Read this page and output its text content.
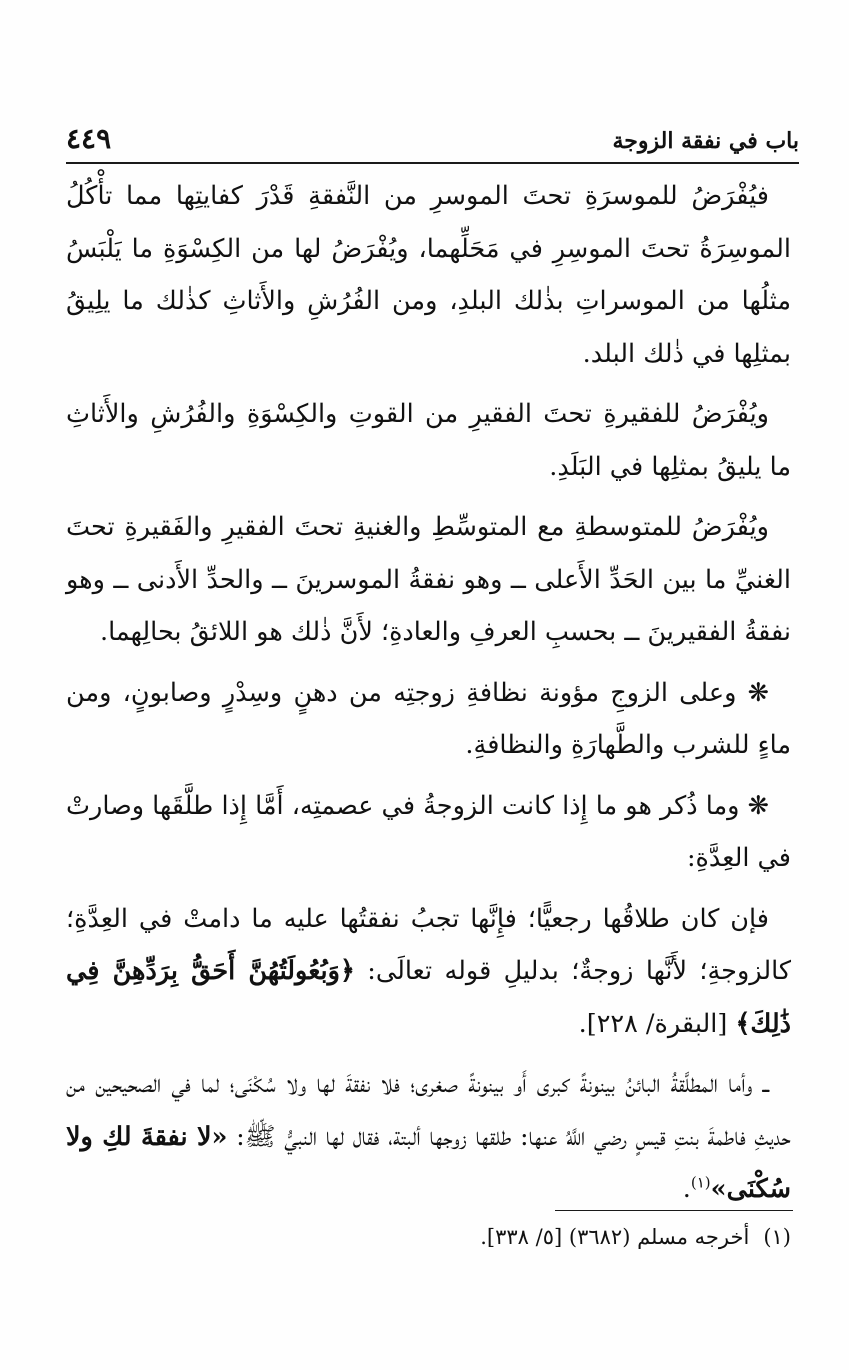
٤٤٩	باب في نفقة الزوجة

فيُفْرَضُ للموسرَةِ تحتَ الموسرِ من النَّفقةِ قَدْرَ كفايتِها مما تأْكُلُ الموسِرَةُ تحتَ الموسِرِ في مَحَلِّهما، ويُفْرَضُ لها من الكِسْوَةِ ما يَلْبَسُ مثلُها من الموسراتِ بذٰلك البلدِ، ومن الفُرُشِ والأَثاثِ كذٰلك ما يلِيقُ بمثلِها في ذٰلك البلد.

ويُفْرَضُ للفقيرةِ تحتَ الفقيرِ من القوتِ والكِسْوَةِ والفُرُشِ والأَثاثِ ما يليقُ بمثلِها في البَلَدِ.

ويُفْرَضُ للمتوسطةِ مع المتوسِّطِ والغنيةِ تحتَ الفقيرِ والفَقيرةِ تحتَ الغنيِّ ما بين الحَدِّ الأَعلى ــ وهو نفقةُ الموسرينَ ــ والحدِّ الأَدنى ــ وهو نفقةُ الفقيرينَ ــ بحسبِ العرفِ والعادةِ؛ لأَنَّ ذٰلك هو اللائقُ بحالِهما.

❋ وعلى الزوجِ مؤونة نظافةِ زوجتِه من دهنٍ وسِدْرٍ وصابونٍ، ومن ماءٍ للشرب والطَّهارَةِ والنظافةِ.

❋ وما ذُكر هو ما إِذا كانت الزوجةُ في عصمتِه، أَمَّا إِذا طلَّقَها وصارتْ في العِدَّةِ:

فإن كان طلاقُها رجعيًّا؛ فإِنَّها تجبُ نفقتُها عليه ما دامتْ في العِدَّةِ؛ كالزوجةِ؛ لأَنَّها زوجةٌ؛ بدليلِ قوله تعالَى: ﴿وَبُعُولَتُهُنَّ أَحَقُّ بِرَدِّهِنَّ فِي ذَٰلِكَ﴾ [البقرة/ ٢٢٨].

ــ وأما المطلَّقةُ البائنُ بينونةً كبرى أَو بينونةً صغرى؛ فلا نفقةَ لها ولا سُكْنَى؛ لما في الصحيحين من حديثِ فاطمةَ بنتِ قيسٍ رضي اللَّهُ عنها: طلقها زوجها ألبتة، فقال لها النبيُّ ﷺ: «لا نفقةَ لكِ ولا سُكْنَى»$^{(١)}$.

(١)أخرجه مسلم (٣٦٨٢) [٥/ ٣٣٨].
